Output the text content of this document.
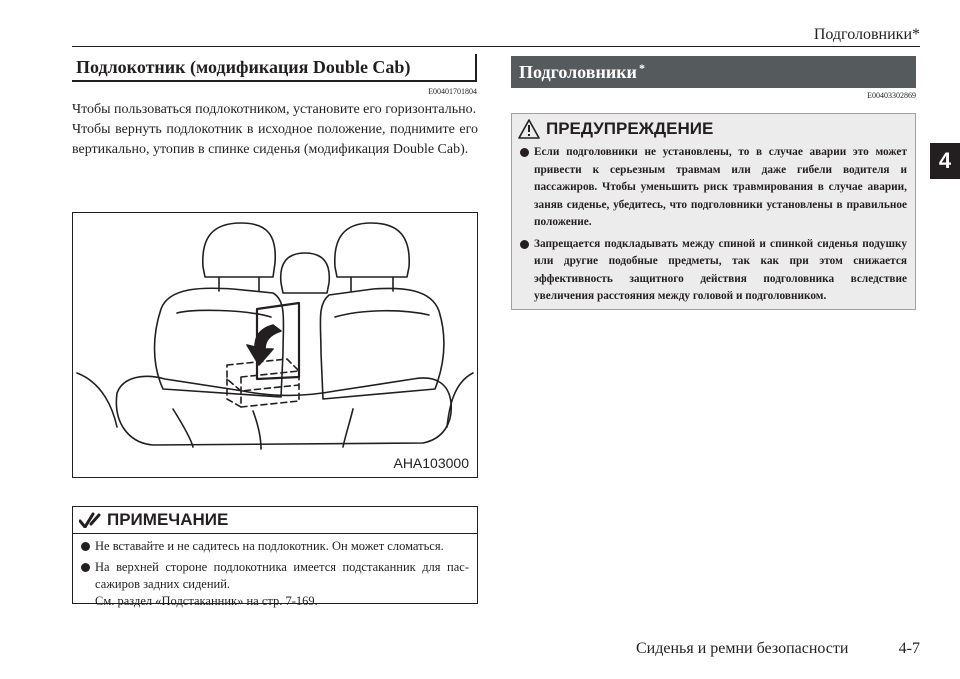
Подголовники*
4
Подлокотник (модификация Double Cab)
E00401701804

Чтобы пользоваться подлокотником, установите его горизонтально.

Чтобы вернуть подлокотник в исходное положение, поднимите его вертикально, утопив в спинке сиденья (модификация Double Cab).

AHA103000
ПРИМЕЧАНИЕ
Не вставайте и не садитесь на подлокотник. Он может сломаться.
На верхней стороне подлокотника имеется подстаканник для пассажиров задних сидений.
См. раздел «Подстаканник» на стр. 7-169.
Подголовники *
E00403302869
ПРЕДУПРЕЖДЕНИЕ
Если подголовники не установлены, то в случае аварии это может привести к серьезным травмам или даже гибели водителя и пассажиров. Чтобы уменьшить риск травмирования в случае аварии, заняв сиденье, убедитесь, что подголовники установлены в правильное положение.
Запрещается подкладывать между спиной и спинкой сиденья подушку или другие подобные предметы, так как при этом снижается эффективность защитного действия подголовника вследствие увеличения расстояния между головой и подголовником.
Сиденья и ремни безопасности	4-7
